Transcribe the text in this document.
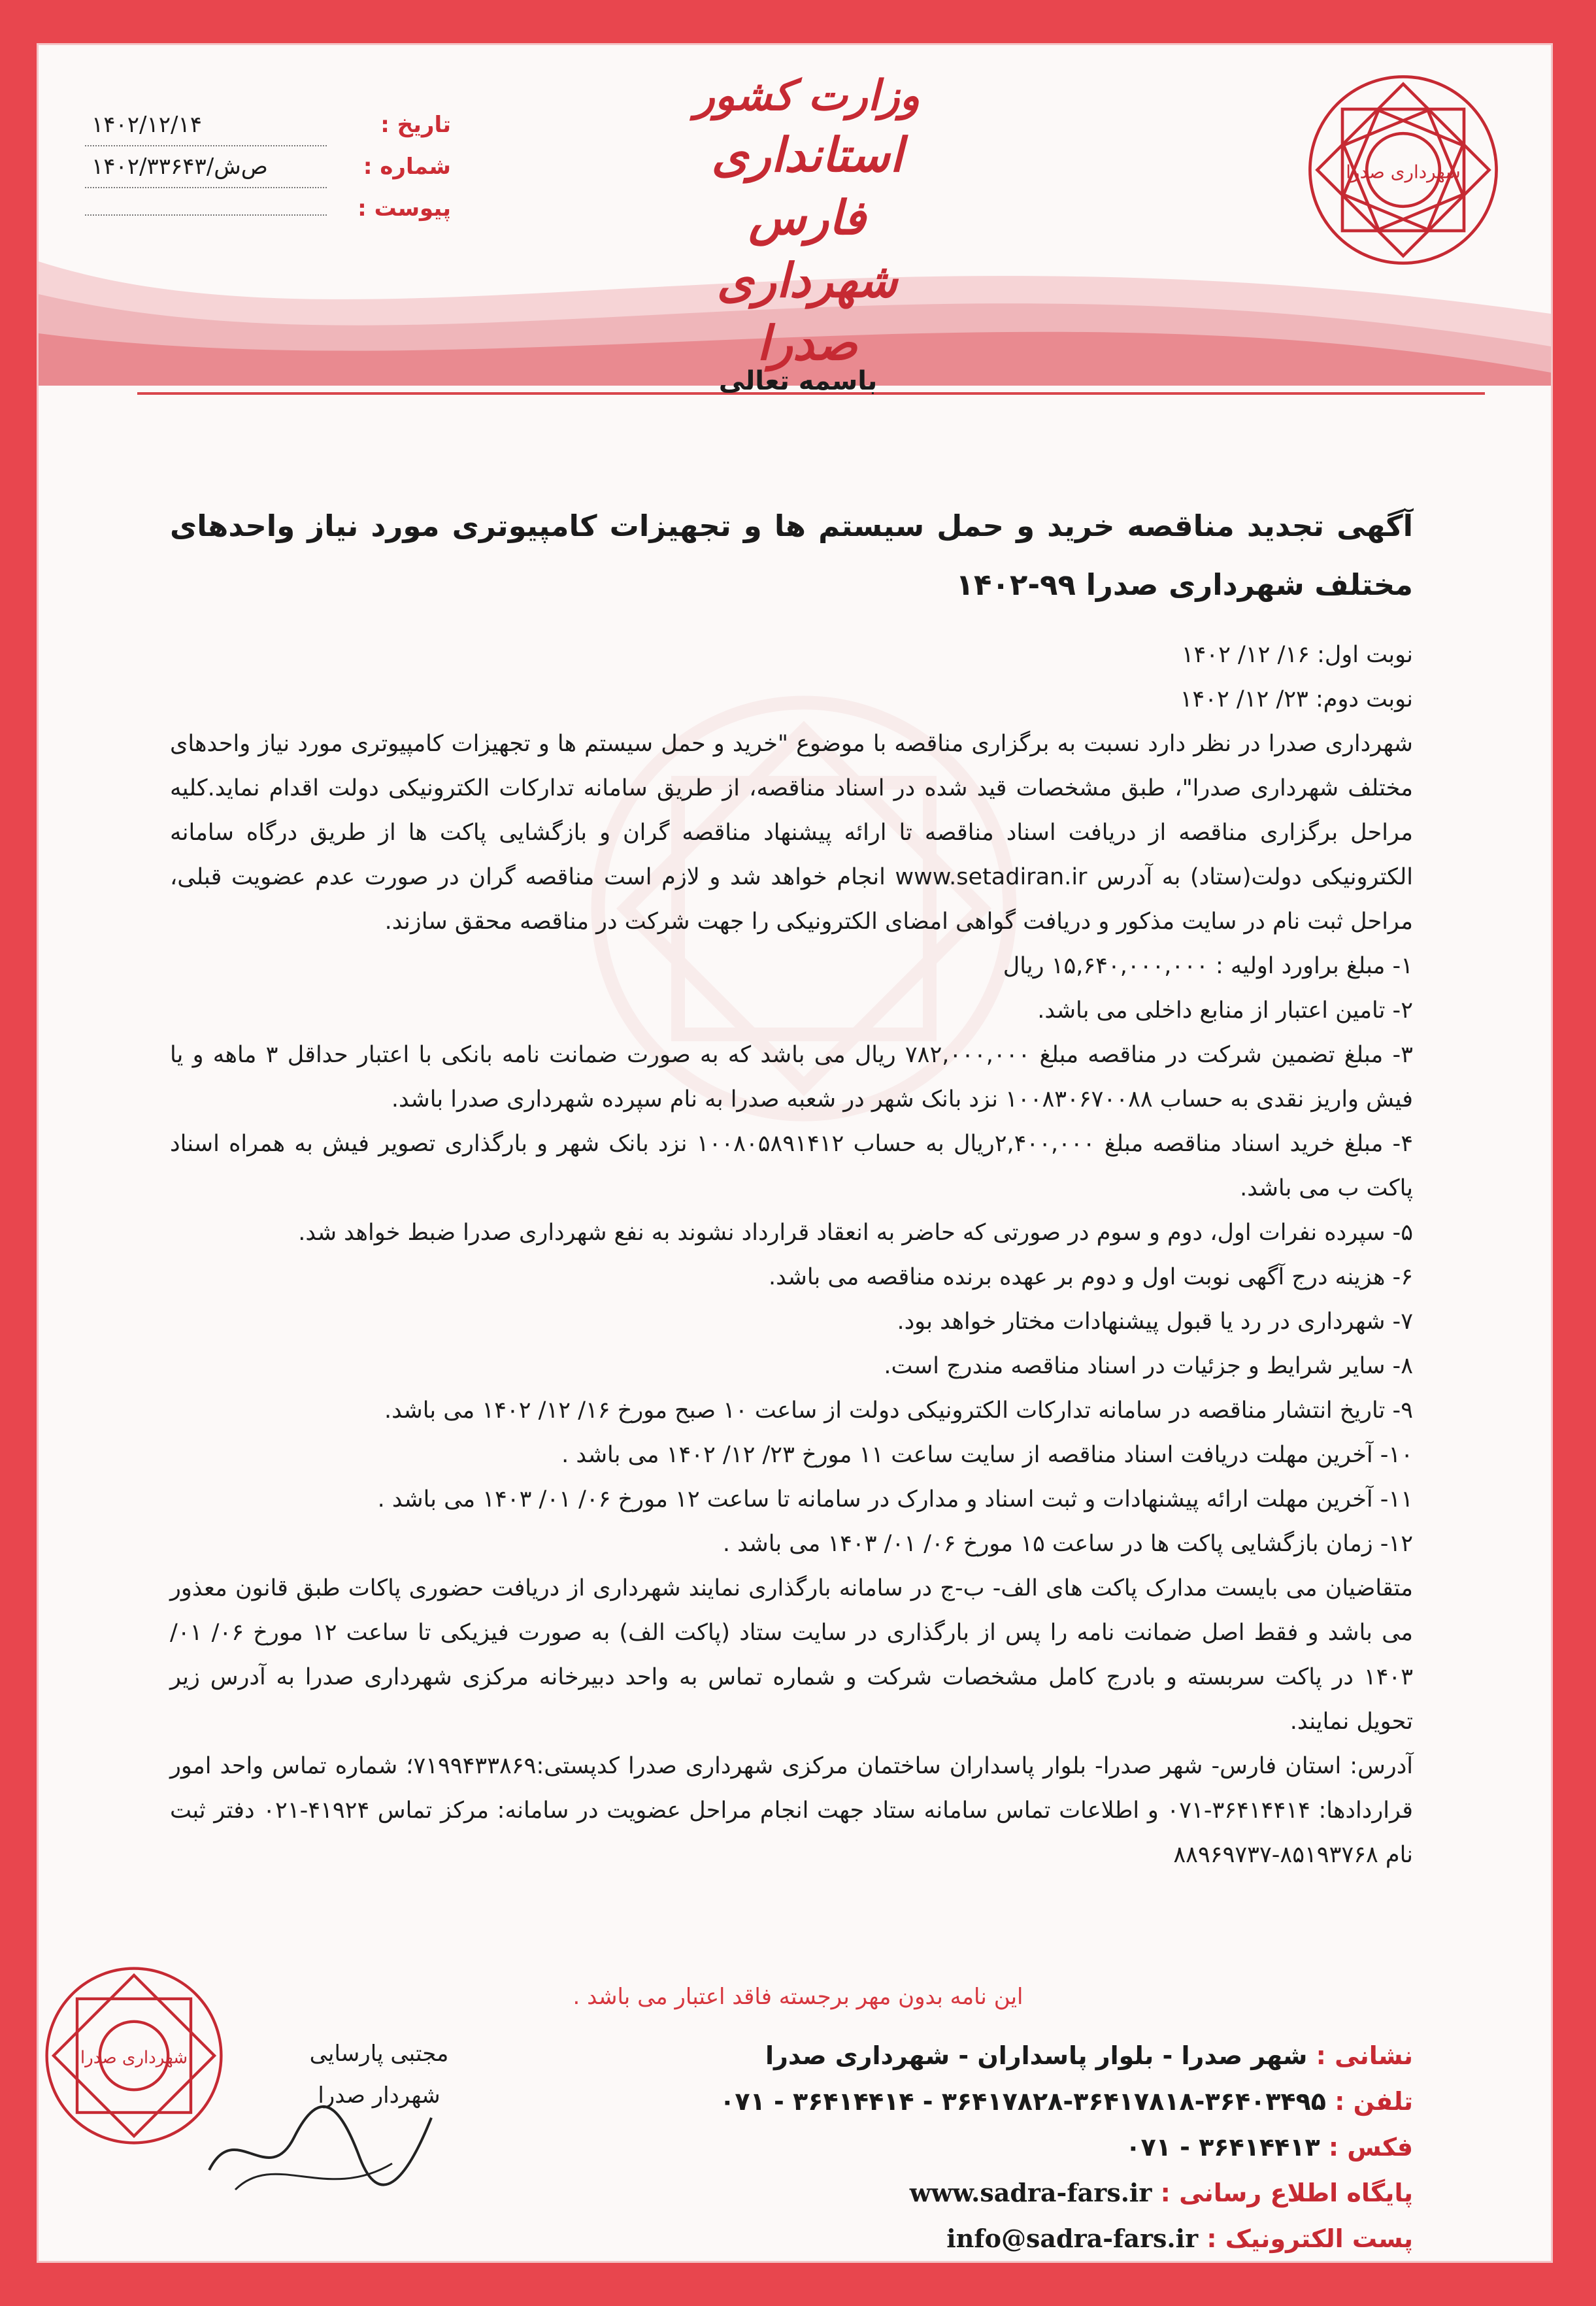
شهرداری صدرا
تاریخ :
۱۴۰۲/۱۲/۱۴
شماره :
۱۴۰۲/۳۳۶۴۳/ص‌ش
پیوست :
وزارت کشور
استانداری فارس
شهرداری صدرا
باسمه تعالی
آگهی تجدید مناقصه خرید و حمل سیستم ها و تجهیزات کامپیوتری مورد نیاز واحدهای مختلف شهرداری صدرا ۹۹-۱۴۰۲

نوبت اول: ۱۶/ ۱۲/ ۱۴۰۲

نوبت دوم: ۲۳/ ۱۲/ ۱۴۰۲

شهرداری صدرا در نظر دارد نسبت به برگزاری مناقصه با موضوع "خرید و حمل سیستم ها و تجهیزات کامپیوتری مورد نیاز واحدهای مختلف شهرداری صدرا"، طبق مشخصات قید شده در اسناد مناقصه، از طریق سامانه تدارکات الکترونیکی دولت اقدام نماید.کلیه مراحل برگزاری مناقصه از دریافت اسناد مناقصه تا ارائه پیشنهاد مناقصه گران و بازگشایی پاکت ها از طریق درگاه سامانه الکترونیکی دولت(ستاد) به آدرس www.setadiran.ir انجام خواهد شد و لازم است مناقصه گران در صورت عدم عضویت قبلی، مراحل ثبت نام در سایت مذکور و دریافت گواهی امضای الکترونیکی را جهت شرکت در مناقصه محقق سازند.

۱- مبلغ براورد اولیه : ۱۵,۶۴۰,۰۰۰,۰۰۰ ریال

۲- تامین اعتبار از منابع داخلی می باشد.

۳- مبلغ تضمین شرکت در مناقصه مبلغ ۷۸۲,۰۰۰,۰۰۰ ریال می باشد که به صورت ضمانت نامه بانکی با اعتبار حداقل ۳ ماهه و یا فیش واریز نقدی به حساب ۱۰۰۸۳۰۶۷۰۰۸۸ نزد بانک شهر در شعبه صدرا به نام سپرده شهرداری صدرا باشد.

۴- مبلغ خرید اسناد مناقصه مبلغ ۲,۴۰۰,۰۰۰ریال به حساب ۱۰۰۸۰۵۸۹۱۴۱۲ نزد بانک شهر و بارگذاری تصویر فیش به همراه اسناد پاکت ب می باشد.

۵- سپرده نفرات اول، دوم و سوم در صورتی که حاضر به انعقاد قرارداد نشوند به نفع شهرداری صدرا ضبط خواهد شد.

۶- هزینه درج آگهی نوبت اول و دوم بر عهده برنده مناقصه می باشد.

۷- شهرداری در رد یا قبول پیشنهادات مختار خواهد بود.

۸- سایر شرایط و جزئیات در اسناد مناقصه مندرج است.

۹- تاریخ انتشار مناقصه در سامانه تدارکات الکترونیکی دولت از ساعت ۱۰ صبح مورخ ۱۶/ ۱۲/ ۱۴۰۲ می باشد.

۱۰- آخرین مهلت دریافت اسناد مناقصه از سایت ساعت ۱۱ مورخ ۲۳/ ۱۲/ ۱۴۰۲ می باشد .

۱۱- آخرین مهلت ارائه پیشنهادات و ثبت اسناد و مدارک در سامانه تا ساعت ۱۲ مورخ ۰۶/ ۰۱/ ۱۴۰۳ می باشد .

۱۲- زمان بازگشایی پاکت ها در ساعت ۱۵ مورخ ۰۶/ ۰۱/ ۱۴۰۳ می باشد .

متقاضیان می بایست مدارک پاکت های الف- ب-ج در سامانه بارگذاری نمایند شهرداری از دریافت حضوری پاکات طبق قانون معذور می باشد و فقط اصل ضمانت نامه را پس از بارگذاری در سایت ستاد (پاکت الف) به صورت فیزیکی تا ساعت ۱۲ مورخ ۰۶/ ۰۱/ ۱۴۰۳ در پاکت سربسته و بادرج کامل مشخصات شرکت و شماره تماس به واحد دبیرخانه مرکزی شهرداری صدرا به آدرس زیر تحویل نمایند.

آدرس: استان فارس- شهر صدرا- بلوار پاسداران ساختمان مرکزی شهرداری صدرا کدپستی:۷۱۹۹۴۳۳۸۶۹؛ شماره تماس واحد امور قراردادها: ۳۶۴۱۴۴۱۴-۰۷۱ و اطلاعات تماس سامانه ستاد جهت انجام مراحل عضویت در سامانه: مرکز تماس ۴۱۹۲۴-۰۲۱ دفتر ثبت نام ۸۵۱۹۳۷۶۸-۸۸۹۶۹۷۳۷

این نامه بدون مهر برجسته فاقد اعتبار می باشد .
مجتبی پارسایی
شهردار صدرا
شهرداری صدرا	نشانی : شهر صدرا - بلوار پاسداران - شهرداری صدرا
تلفن : ۳۶۴۰۳۴۹۵-۳۶۴۱۷۸۱۸-۳۶۴۱۷۸۲۸ - ۳۶۴۱۴۴۱۴ - ۰۷۱
فکس : ۳۶۴۱۴۴۱۳ - ۰۷۱
پایگاه اطلاع رسانی : www.sadra-fars.ir
پست الکترونیک : info@sadra-fars.ir
